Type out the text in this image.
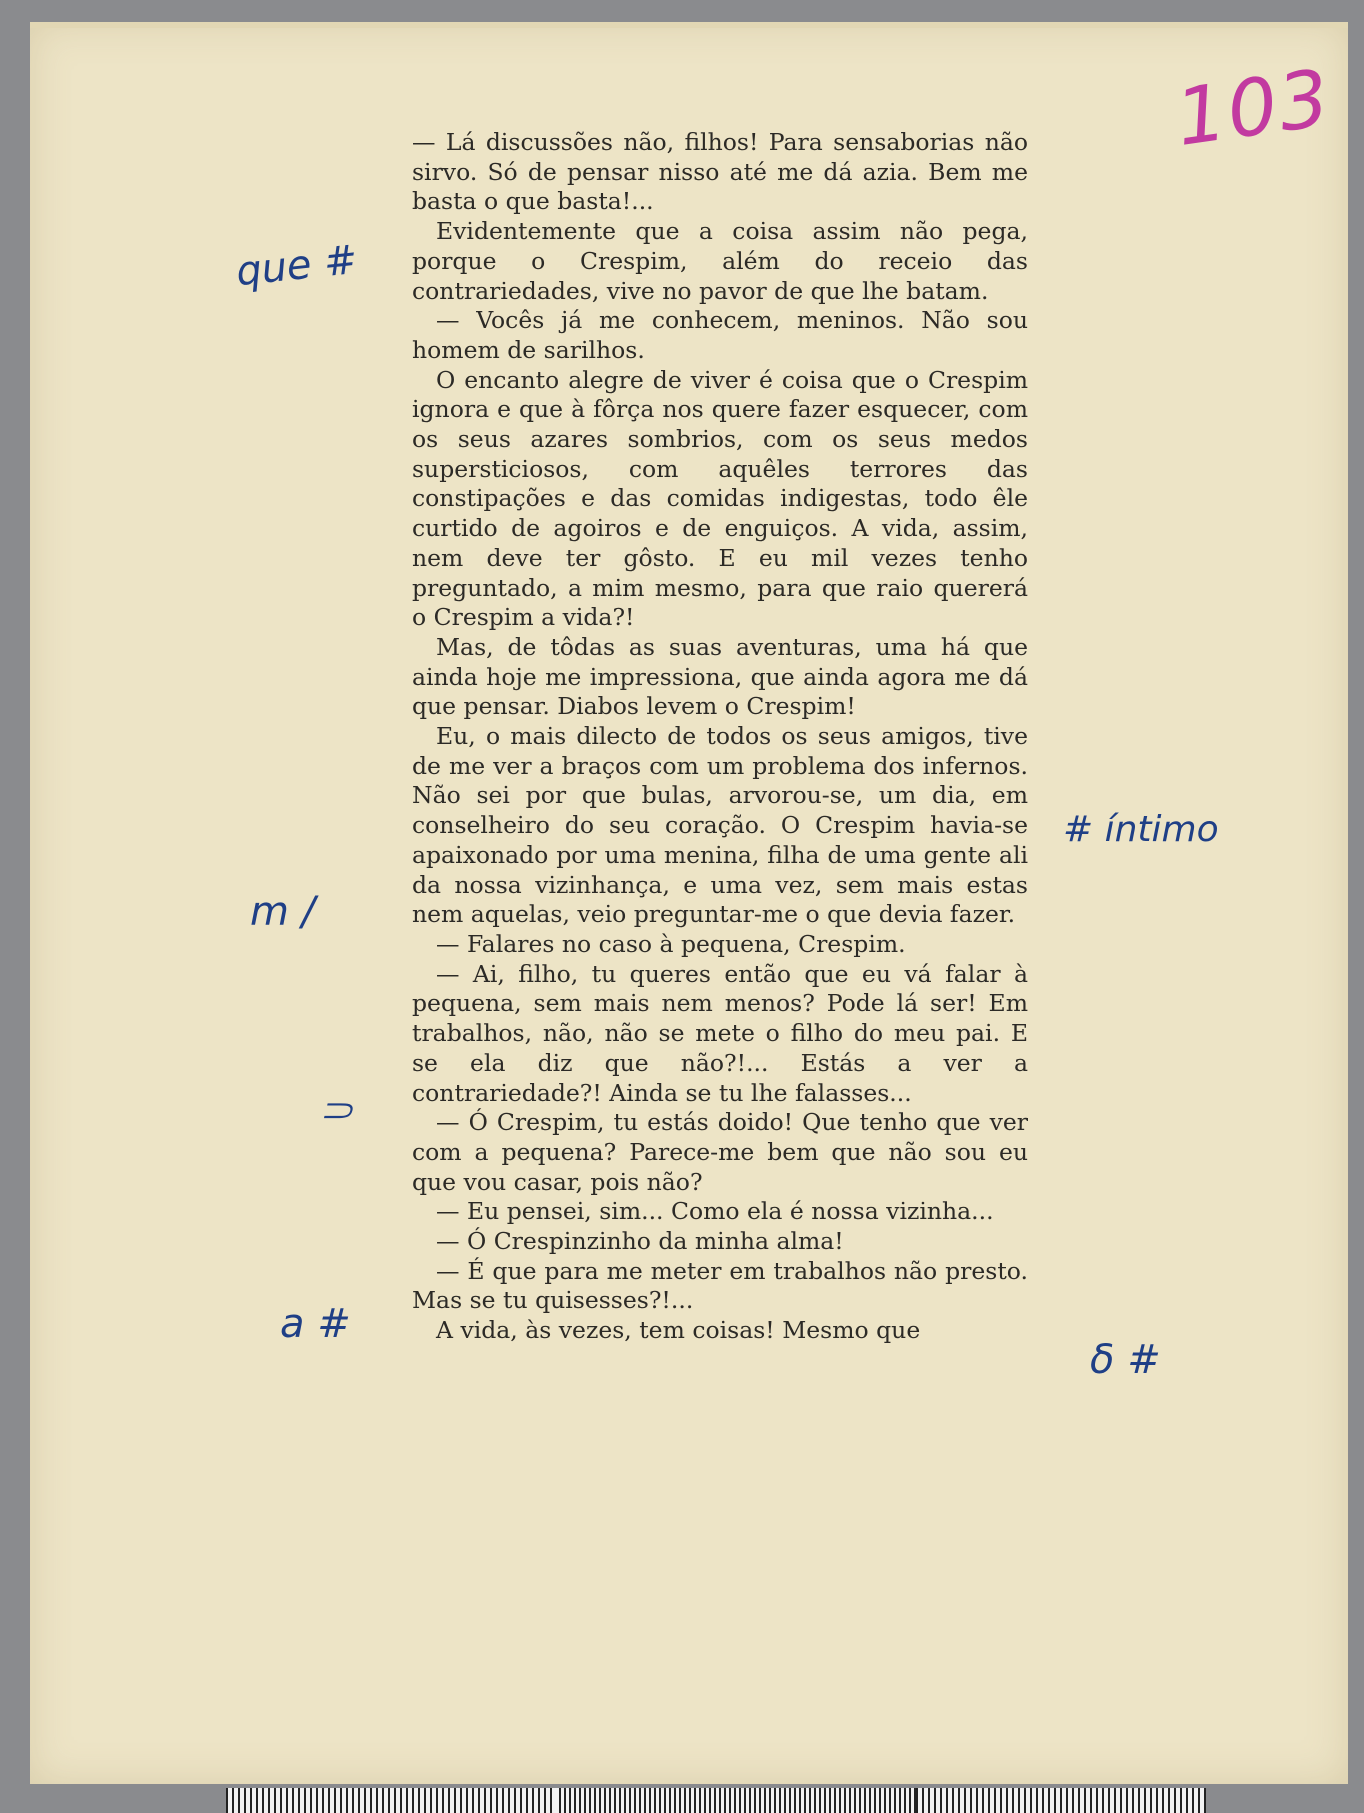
103

— Lá discussões não, filhos! Para sensaborias não sirvo. Só de pensar nisso até me dá azia. Bem me basta o que basta!...

Evidentemente que a coisa assim não pega, porque o Crespim, além do receio das contrariedades, vive no pavor de que lhe batam.

— Vocês já me conhecem, meninos. Não sou homem de sarilhos.

O encanto alegre de viver é coisa que o Crespim ignora e que à fôrça nos quere fazer esquecer, com os seus azares sombrios, com os seus medos supersticiosos, com aquêles terrores das constipações e das comidas indigestas, todo êle curtido de agoiros e de enguiços. A vida, assim, nem deve ter gôsto. E eu mil vezes tenho preguntado, a mim mesmo, para que raio quererá o Crespim a vida?!

Mas, de tôdas as suas aventuras, uma há que ainda hoje me impressiona, que ainda agora me dá que pensar. Diabos levem o Crespim!

Eu, o mais dilecto de todos os seus amigos, tive de me ver a braços com um problema dos infernos. Não sei por que bulas, arvorou-se, um dia, em conselheiro do seu coração. O Crespim havia-se apaixonado por uma menina, filha de uma gente ali da nossa vizinhança, e uma vez, sem mais estas nem aquelas, veio preguntar-me o que devia fazer.

— Falares no caso à pequena, Crespim.

— Ai, filho, tu queres então que eu vá falar à pequena, sem mais nem menos? Pode lá ser! Em trabalhos, não, não se mete o filho do meu pai. E se ela diz que não?!... Estás a ver a contrariedade?! Ainda se tu lhe falasses...

— Ó Crespim, tu estás doido! Que tenho que ver com a pequena? Parece-me bem que não sou eu que vou casar, pois não?

— Eu pensei, sim... Como ela é nossa vizinha...

— Ó Crespinzinho da minha alma!

— É que para me meter em trabalhos não presto. Mas se tu quisesses?!...

A vida, às vezes, tem coisas! Mesmo que

que #
# íntimo
m /
⸧
a #
δ #
